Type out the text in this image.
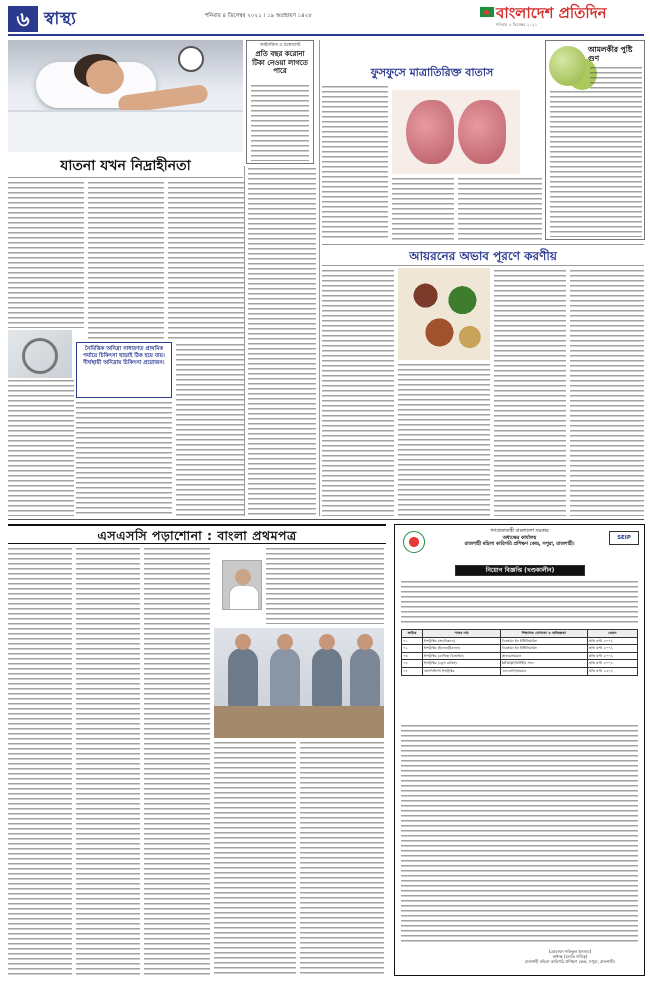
৬ স্বাস্থ্য	শনিবার ৪ ডিসেম্বর ২০২১ । ১৯ অগ্রহায়ণ ১৪২৮	বাংলাদেশ প্রতিদিন
শনিবার ৪ ডিসেম্বর ২০২১
যাতনা যখন নিদ্রাহীনতা
নৈমিত্তিক অনিদ্রা সাধারণত প্রাথমিক পর্যায়ে চিকিৎসা ছাড়াই ঠিক হয়ে যায়। দীর্ঘস্থায়ী অনিদ্রায় চিকিৎসা প্রয়োজন।
আইসক্রিম ও চকোলেট
প্রতি বছর করোনা টিকা নেওয়া লাগতে পারে	ফুসফুসে মাত্রাতিরিক্ত বাতাস
আমলকীর পুষ্টি গুণ
আয়রনের অভাব পূরণে করণীয়
এসএসসি পড়াশোনা : বাংলা প্রথমপত্র	SEIP
গণপ্রজাতন্ত্রী বাংলাদেশ সরকার
অধ্যক্ষের কার্যালয়
রাজশাহী মহিলা কারিগরি প্রশিক্ষণ কেন্দ্র, সপুরা, রাজশাহী।
নিয়োগ বিজ্ঞপ্তি (খণ্ডকালীন)
ক্রমিক	পদের নাম	শিক্ষাগত যোগ্যতা ও অভিজ্ঞতা	বেতন
০১	ইন্সট্রাক্টর (অটোক্যাড)	ডিপ্লোমা ইন ইঞ্জিনিয়ারিং	প্রতি ঘণ্টা ৫০০/-
০২	ইন্সট্রাক্টর (ইলেকট্রিক্যাল)	ডিপ্লোমা ইন ইঞ্জিনিয়ারিং	প্রতি ঘণ্টা ৫০০/-
০৩	ইন্সট্রাক্টর (গ্রাফিক্স ডিজাইন)	স্নাতক/সমমান	প্রতি ঘণ্টা ৫০০/-
০৪	ইন্সট্রাক্টর (ড্রেস মেকিং)	NTVQF/বিটিইবি সনদ	প্রতি ঘণ্টা ৫০০/-
০৫	অ্যাসিস্ট্যান্ট ইন্সট্রাক্টর	এসএসসি/সমমান	প্রতি ঘণ্টা ২৫০/-
(মোহাম্মদ শফিকুল ইসলাম)
অধ্যক্ষ (চলতি দায়িত্ব)
রাজশাহী মহিলা কারিগরি প্রশিক্ষণ কেন্দ্র, সপুরা, রাজশাহী।
